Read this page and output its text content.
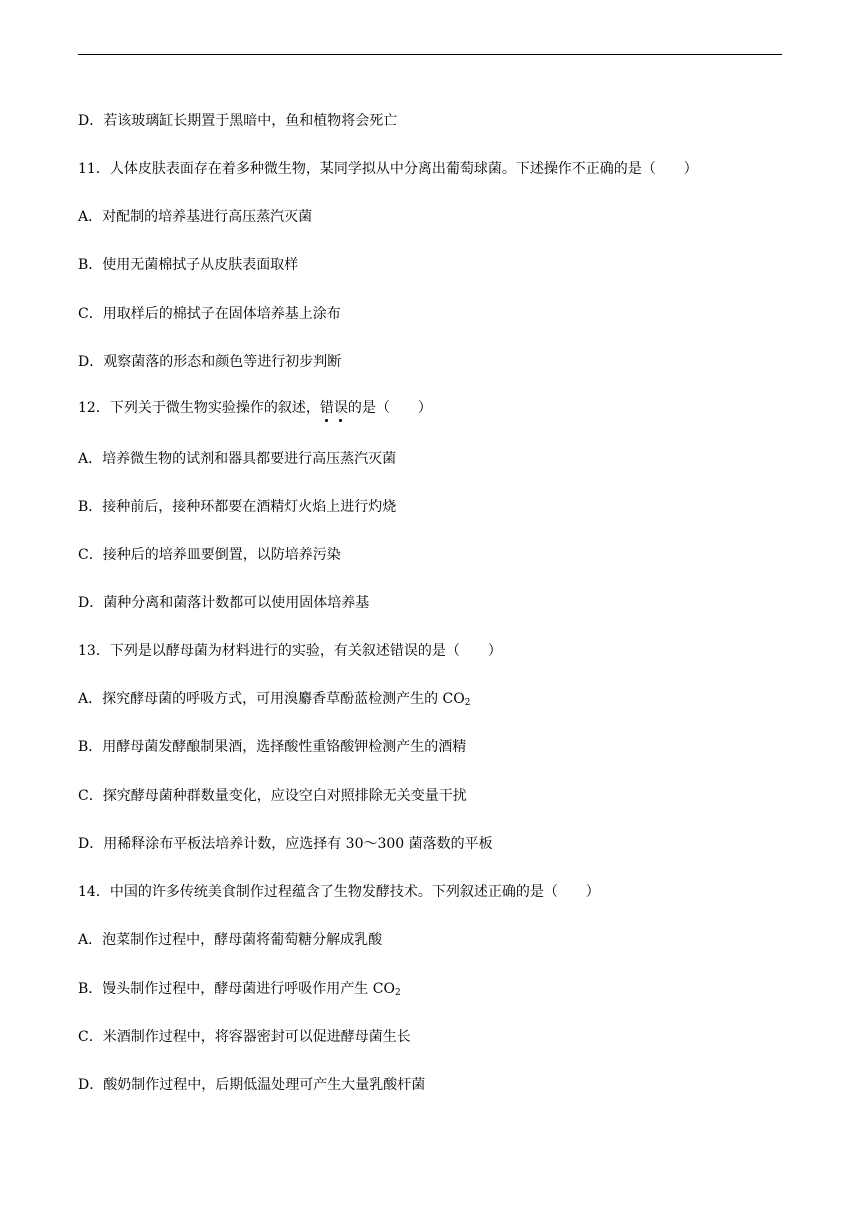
D．若该玻璃缸长期置于黑暗中，鱼和植物将会死亡
11．人体皮肤表面存在着多种微生物，某同学拟从中分离出葡萄球菌。下述操作不正确的是（　　）
A．对配制的培养基进行高压蒸汽灭菌
B．使用无菌棉拭子从皮肤表面取样
C．用取样后的棉拭子在固体培养基上涂布
D．观察菌落的形态和颜色等进行初步判断
12．下列关于微生物实验操作的叙述，错误的是（　　）
A．培养微生物的试剂和器具都要进行高压蒸汽灭菌
B．接种前后，接种环都要在酒精灯火焰上进行灼烧
C．接种后的培养皿要倒置，以防培养污染
D．菌种分离和菌落计数都可以使用固体培养基
13．下列是以酵母菌为材料进行的实验，有关叙述错误的是（　　）
A．探究酵母菌的呼吸方式，可用溴麝香草酚蓝检测产生的 $CO_2$
B．用酵母菌发酵酿制果酒，选择酸性重铬酸钾检测产生的酒精
C．探究酵母菌种群数量变化，应设空白对照排除无关变量干扰
D．用稀释涂布平板法培养计数，应选择有 30～300 菌落数的平板
14．中国的许多传统美食制作过程蕴含了生物发酵技术。下列叙述正确的是（　　）
A．泡菜制作过程中，酵母菌将葡萄糖分解成乳酸
B．馒头制作过程中，酵母菌进行呼吸作用产生 $CO_2$
C．米酒制作过程中，将容器密封可以促进酵母菌生长
D．酸奶制作过程中，后期低温处理可产生大量乳酸杆菌
